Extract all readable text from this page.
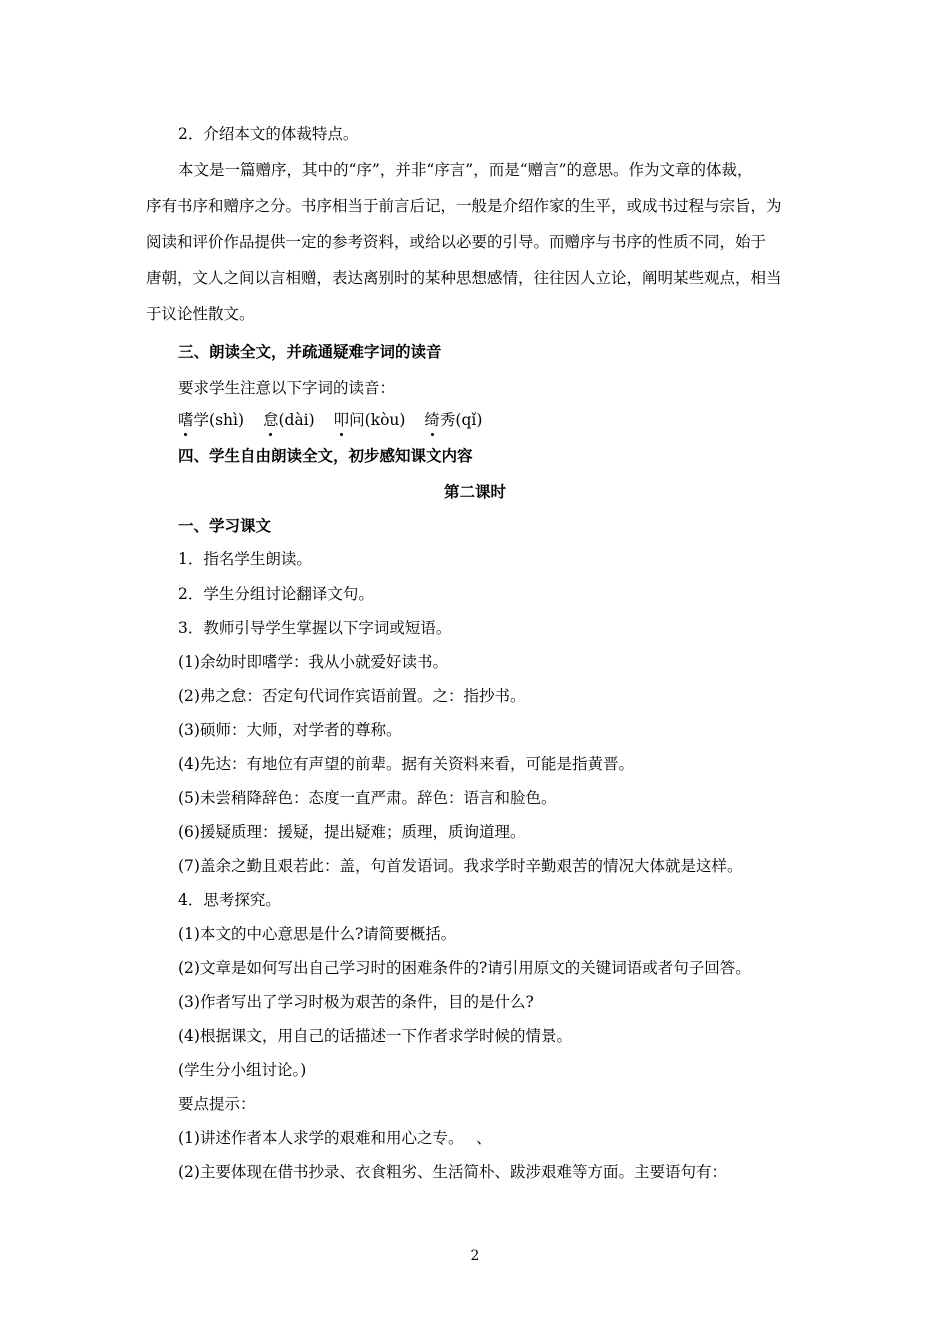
2．介绍本文的体裁特点。
本文是一篇赠序，其中的“序”，并非“序言”，而是“赠言”的意思。作为文章的体裁，
序有书序和赠序之分。书序相当于前言后记，一般是介绍作家的生平，或成书过程与宗旨，为
阅读和评价作品提供一定的参考资料，或给以必要的引导。而赠序与书序的性质不同，始于
唐朝，文人之间以言相赠，表达离别时的某种思想感情，往往因人立论，阐明某些观点，相当
于议论性散文。
三、朗读全文，并疏通疑难字词的读音
要求学生注意以下字词的读音：
嗜学(shì) 怠(dài) 叩问(kòu) 绮秀(qǐ)
四、学生自由朗读全文，初步感知课文内容
第二课时
一、学习课文
1．指名学生朗读。
2．学生分组讨论翻译文句。
3．教师引导学生掌握以下字词或短语。
(1)余幼时即嗜学：我从小就爱好读书。
(2)弗之怠：否定句代词作宾语前置。之：指抄书。
(3)硕师：大师，对学者的尊称。
(4)先达：有地位有声望的前辈。据有关资料来看，可能是指黄晋。
(5)未尝稍降辞色：态度一直严肃。辞色：语言和脸色。
(6)援疑质理：援疑，提出疑难；质理，质询道理。
(7)盖余之勤且艰若此：盖，句首发语词。我求学时辛勤艰苦的情况大体就是这样。
4．思考探究。
(1)本文的中心意思是什么?请简要概括。
(2)文章是如何写出自己学习时的困难条件的?请引用原文的关键词语或者句子回答。
(3)作者写出了学习时极为艰苦的条件，目的是什么?
(4)根据课文，用自己的话描述一下作者求学时候的情景。
(学生分小组讨论。)
要点提示：
(1)讲述作者本人求学的艰难和用心之专。　 、
(2)主要体现在借书抄录、衣食粗劣、生活简朴、跋涉艰难等方面。主要语句有：
2
